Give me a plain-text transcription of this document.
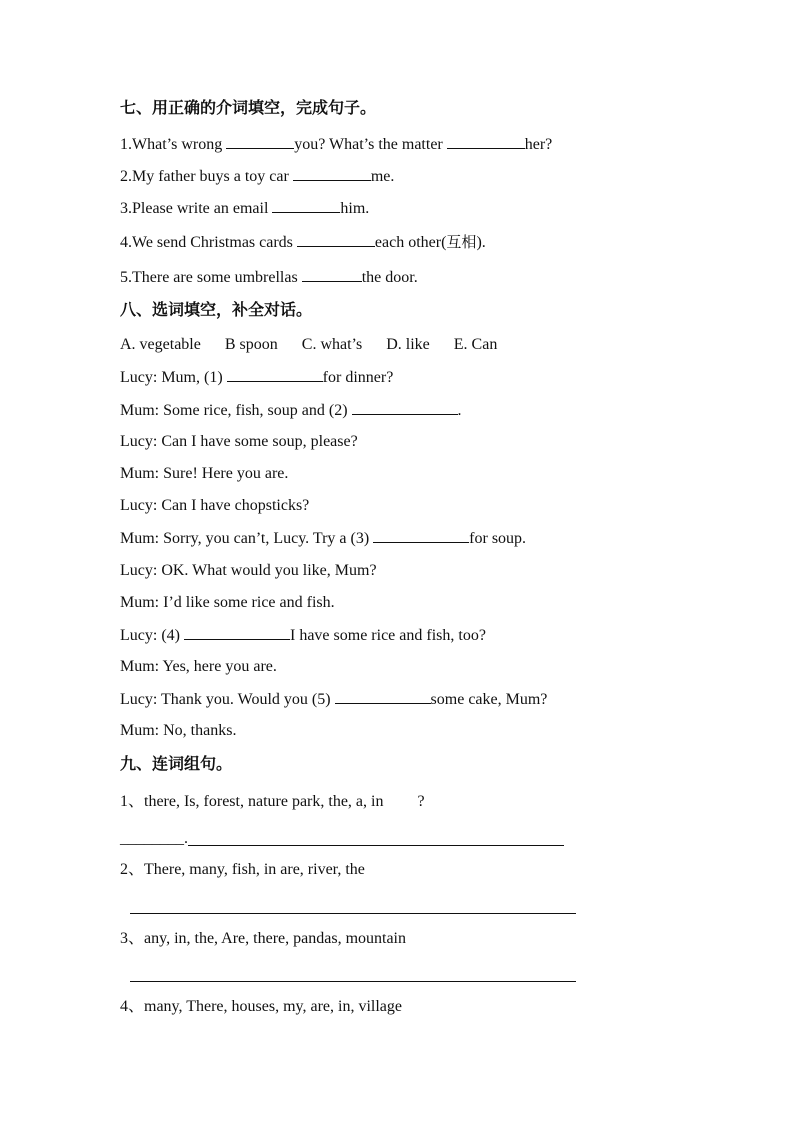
七、用正确的介词填空，完成句子。
1.What’s wrong	you? What’s the matter	her?
2.My father buys a toy car	me.
3.Please write an email	him.
4.We send Christmas cards	each other(互相).
5.There are some umbrellas	the door.
八、选词填空，补全对话。
A. vegetable B spoon C. what’s D. like E. Can
Lucy: Mum, (1)	for dinner?
Mum: Some rice, fish, soup and (2)	.
Lucy: Can I have some soup, please?
Mum: Sure! Here you are.
Lucy: Can I have chopsticks?
Mum: Sorry, you can’t, Lucy. Try a (3)	for soup.
Lucy: OK. What would you like, Mum?
Mum: I’d like some rice and fish.
Lucy: (4)	I have some rice and fish, too?
Mum: Yes, here you are.
Lucy: Thank you. Would you (5)	some cake, Mum?
Mum: No, thanks.
九、连词组句。
1、there, Is, forest, nature park, the, a, in ?
________.
2、There, many, fish, in are, river, the
3、any, in, the, Are, there, pandas, mountain
4、many, There, houses, my, are, in, village
